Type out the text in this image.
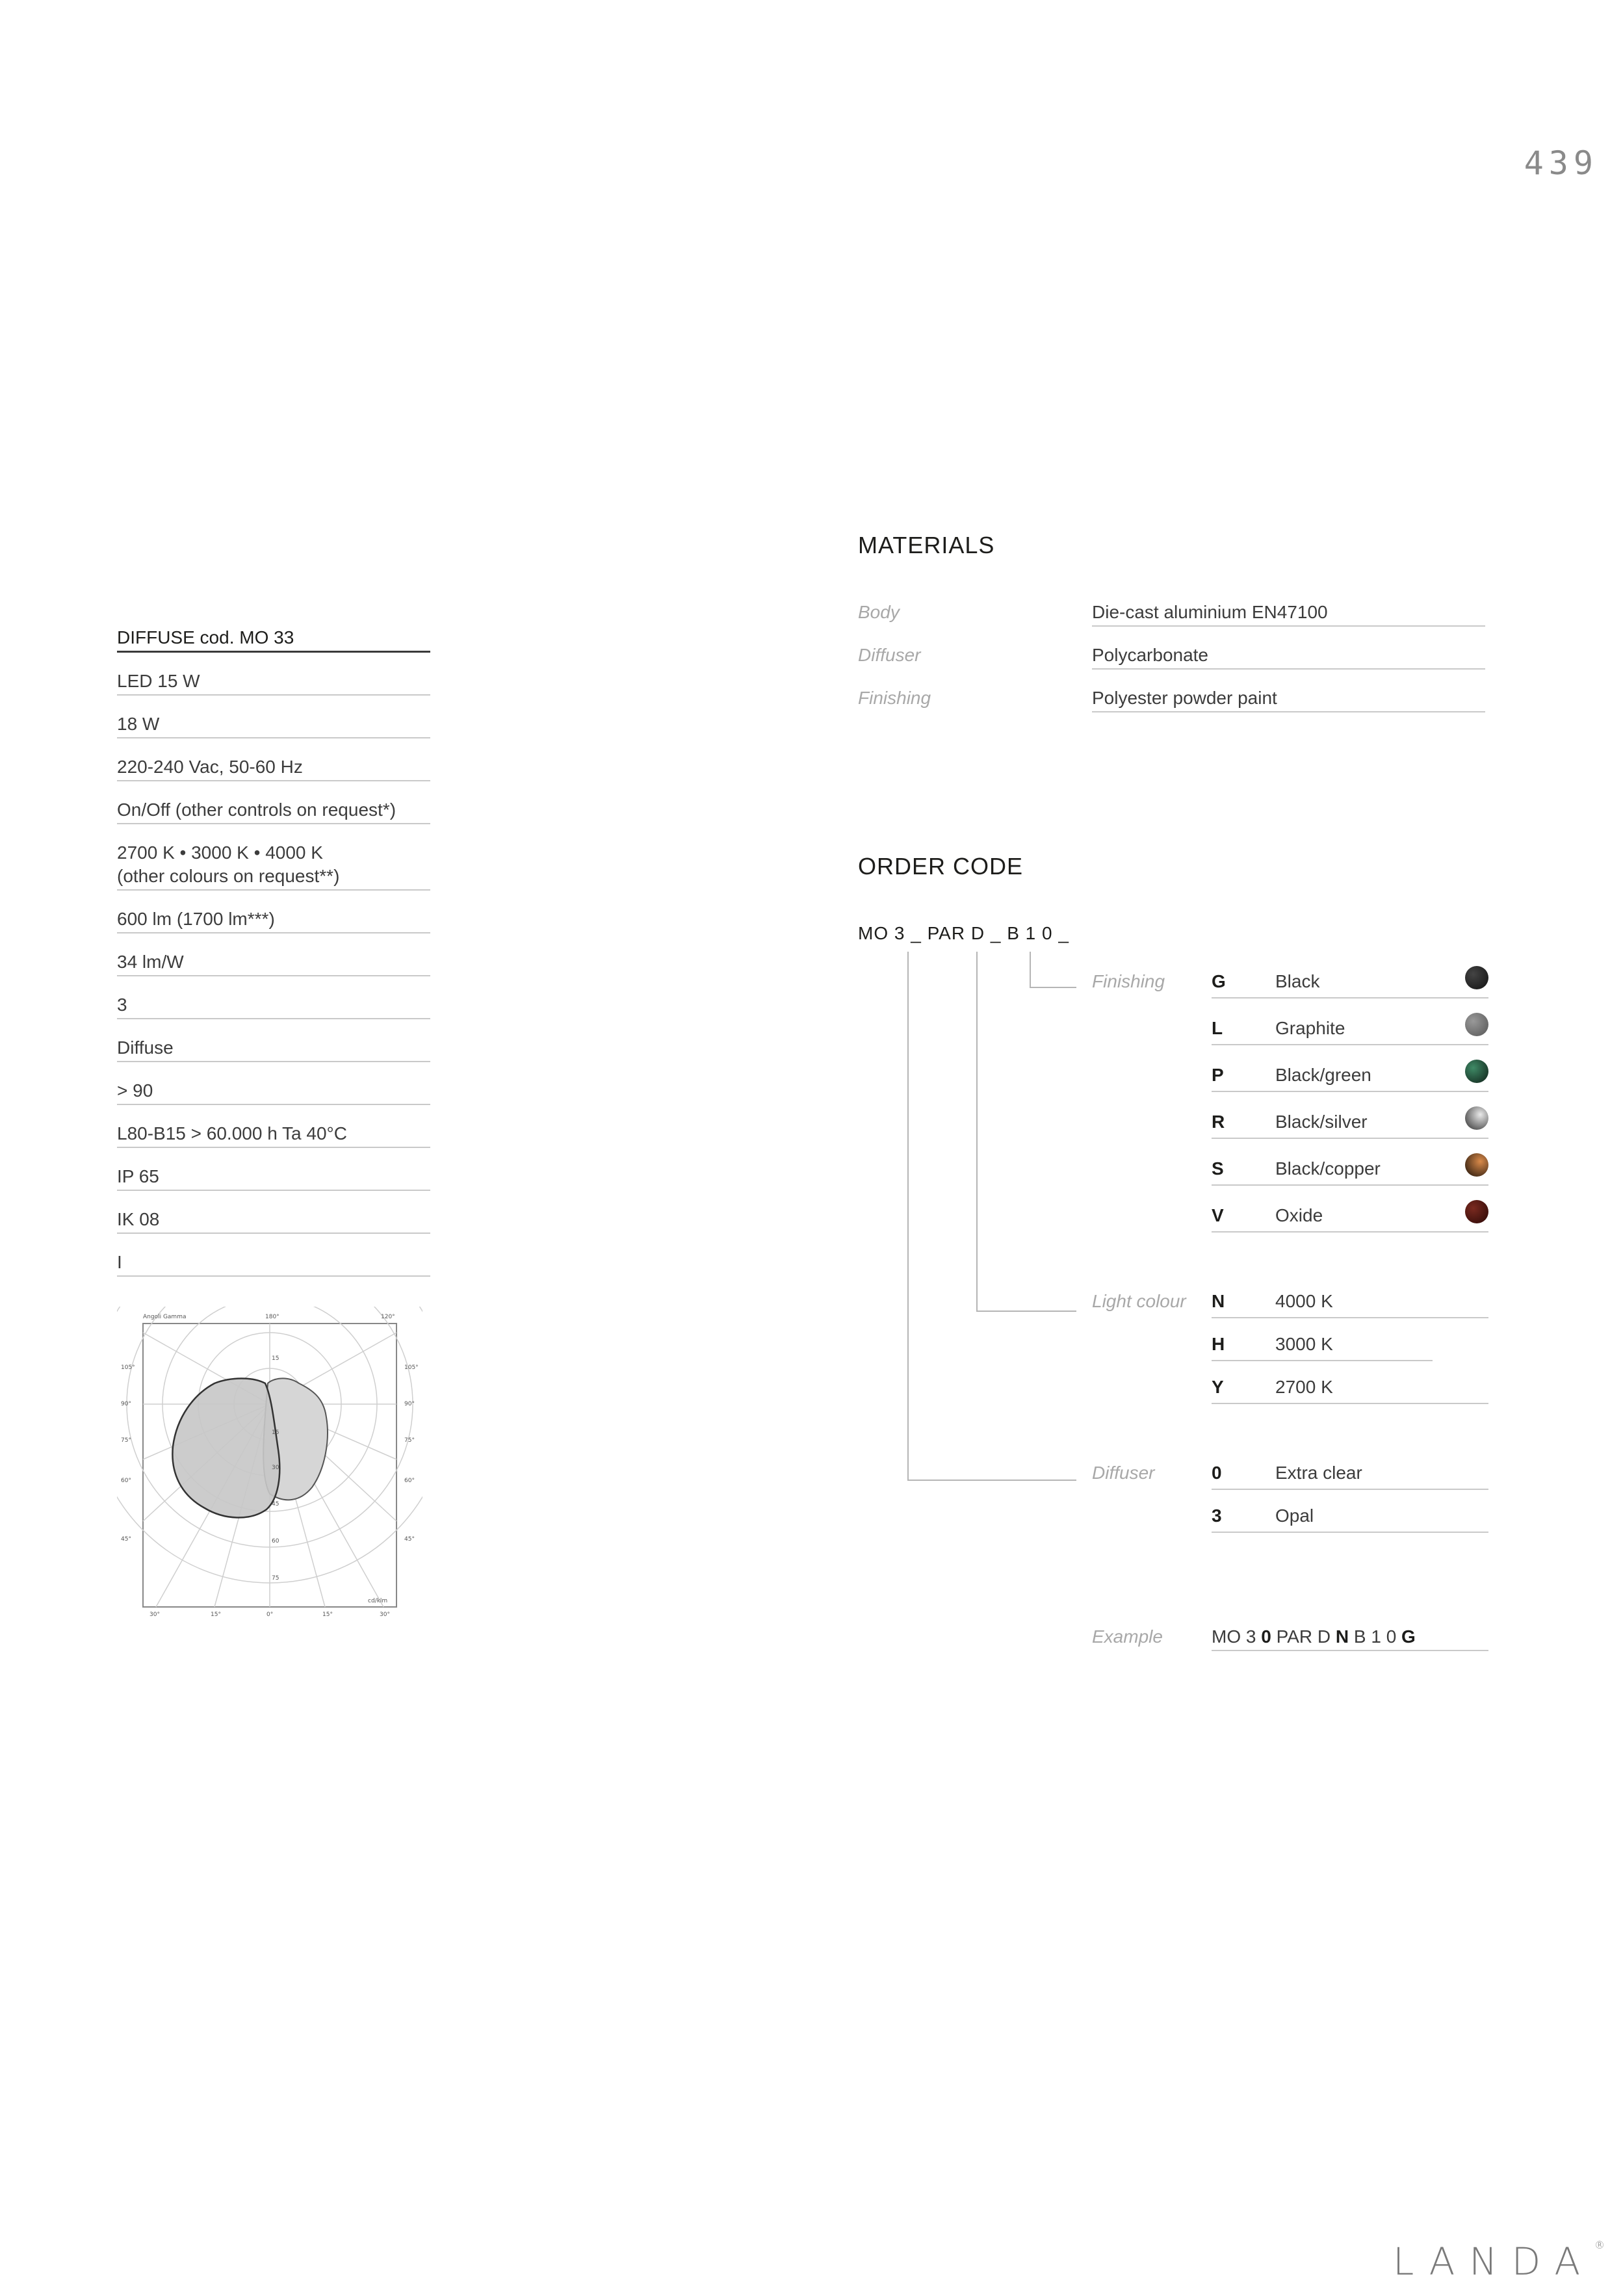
439
DIFFUSE cod. MO 33
LED 15 W
18 W
220-240 Vac, 50-60 Hz
On/Off (other controls on request*)
2700 K • 3000 K • 4000 K
(other colours on request**)
600 lm (1700 lm***)
34 lm/W
3
Diffuse
> 90
L80-B15 > 60.000 h Ta 40°C
IP 65
IK 08
I
Angoli Gamma	180°	120°
105°
90°
75°
60°
45°
105°
90°
75°
60°
45°
15
15
30
45
60
75
cd/klm
30°	15°	0°	15°	30°
MATERIALS
Body	Die-cast aluminium EN47100
Diffuser	Polycarbonate
Finishing	Polyester powder paint
ORDER CODE
MO 3 _ PAR D _ B 1 0 _
Finishing	G	Black
L	Graphite
P	Black/green
R	Black/silver
S	Black/copper
V	Oxide
Light colour N	4000 K
H	3000 K
Y	2700 K
Diffuser	0	Extra clear
3	Opal
Example	MO 3 0 PAR D N B 1 0 G
LANDA®
